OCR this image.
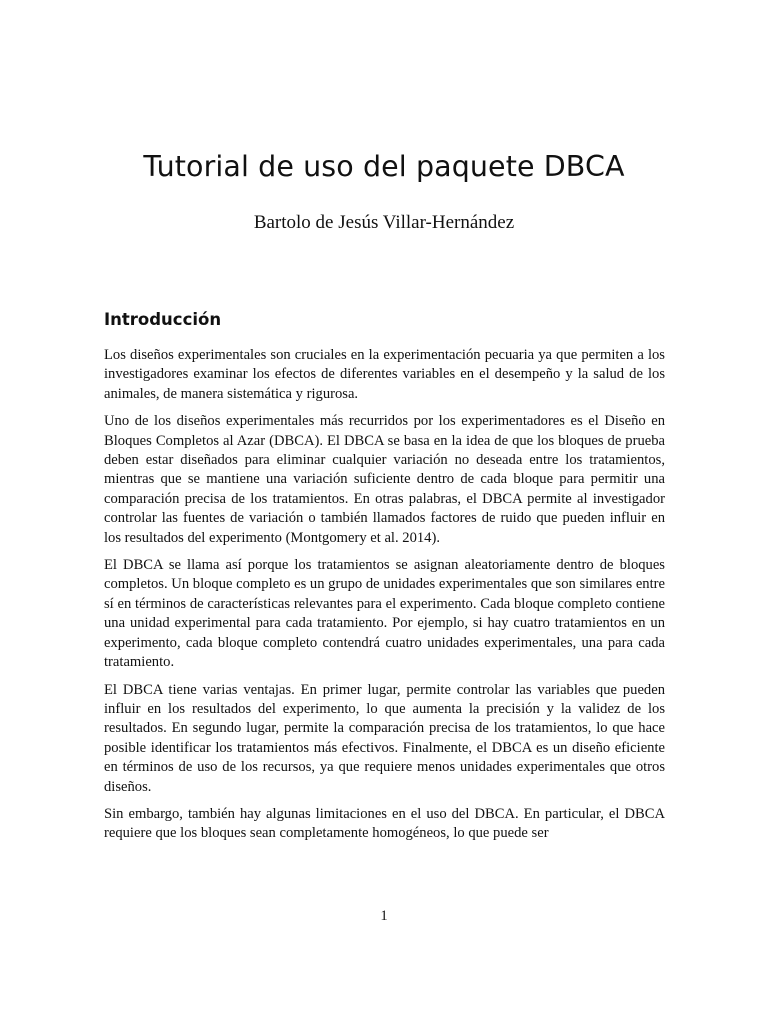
Tutorial de uso del paquete DBCA
Bartolo de Jesús Villar-Hernández
Introducción

Los diseños experimentales son cruciales en la experimentación pecuaria ya que permiten a los investigadores examinar los efectos de diferentes variables en el desempeño y la salud de los animales, de manera sistemática y rigurosa.

Uno de los diseños experimentales más recurridos por los experimentadores es el Diseño en Bloques Completos al Azar (DBCA). El DBCA se basa en la idea de que los bloques de prueba deben estar diseñados para eliminar cualquier variación no deseada entre los tratamientos, mientras que se mantiene una variación suficiente dentro de cada bloque para permitir una comparación precisa de los tratamientos. En otras palabras, el DBCA permite al investigador controlar las fuentes de variación o también llamados factores de ruido que pueden influir en los resultados del experimento (Montgomery et al. 2014).

El DBCA se llama así porque los tratamientos se asignan aleatoriamente dentro de bloques completos. Un bloque completo es un grupo de unidades experimentales que son similares entre sí en términos de características relevantes para el experimento. Cada bloque completo contiene una unidad experimental para cada tratamiento. Por ejemplo, si hay cuatro tratamientos en un experimento, cada bloque completo contendrá cuatro unidades experimentales, una para cada tratamiento.

El DBCA tiene varias ventajas. En primer lugar, permite controlar las variables que pueden influir en los resultados del experimento, lo que aumenta la precisión y la validez de los resultados. En segundo lugar, permite la comparación precisa de los tratamientos, lo que hace posible identificar los tratamientos más efectivos. Finalmente, el DBCA es un diseño eficiente en términos de uso de los recursos, ya que requiere menos unidades experimentales que otros diseños.

Sin embargo, también hay algunas limitaciones en el uso del DBCA. En particular, el DBCA requiere que los bloques sean completamente homogéneos, lo que puede ser

1
